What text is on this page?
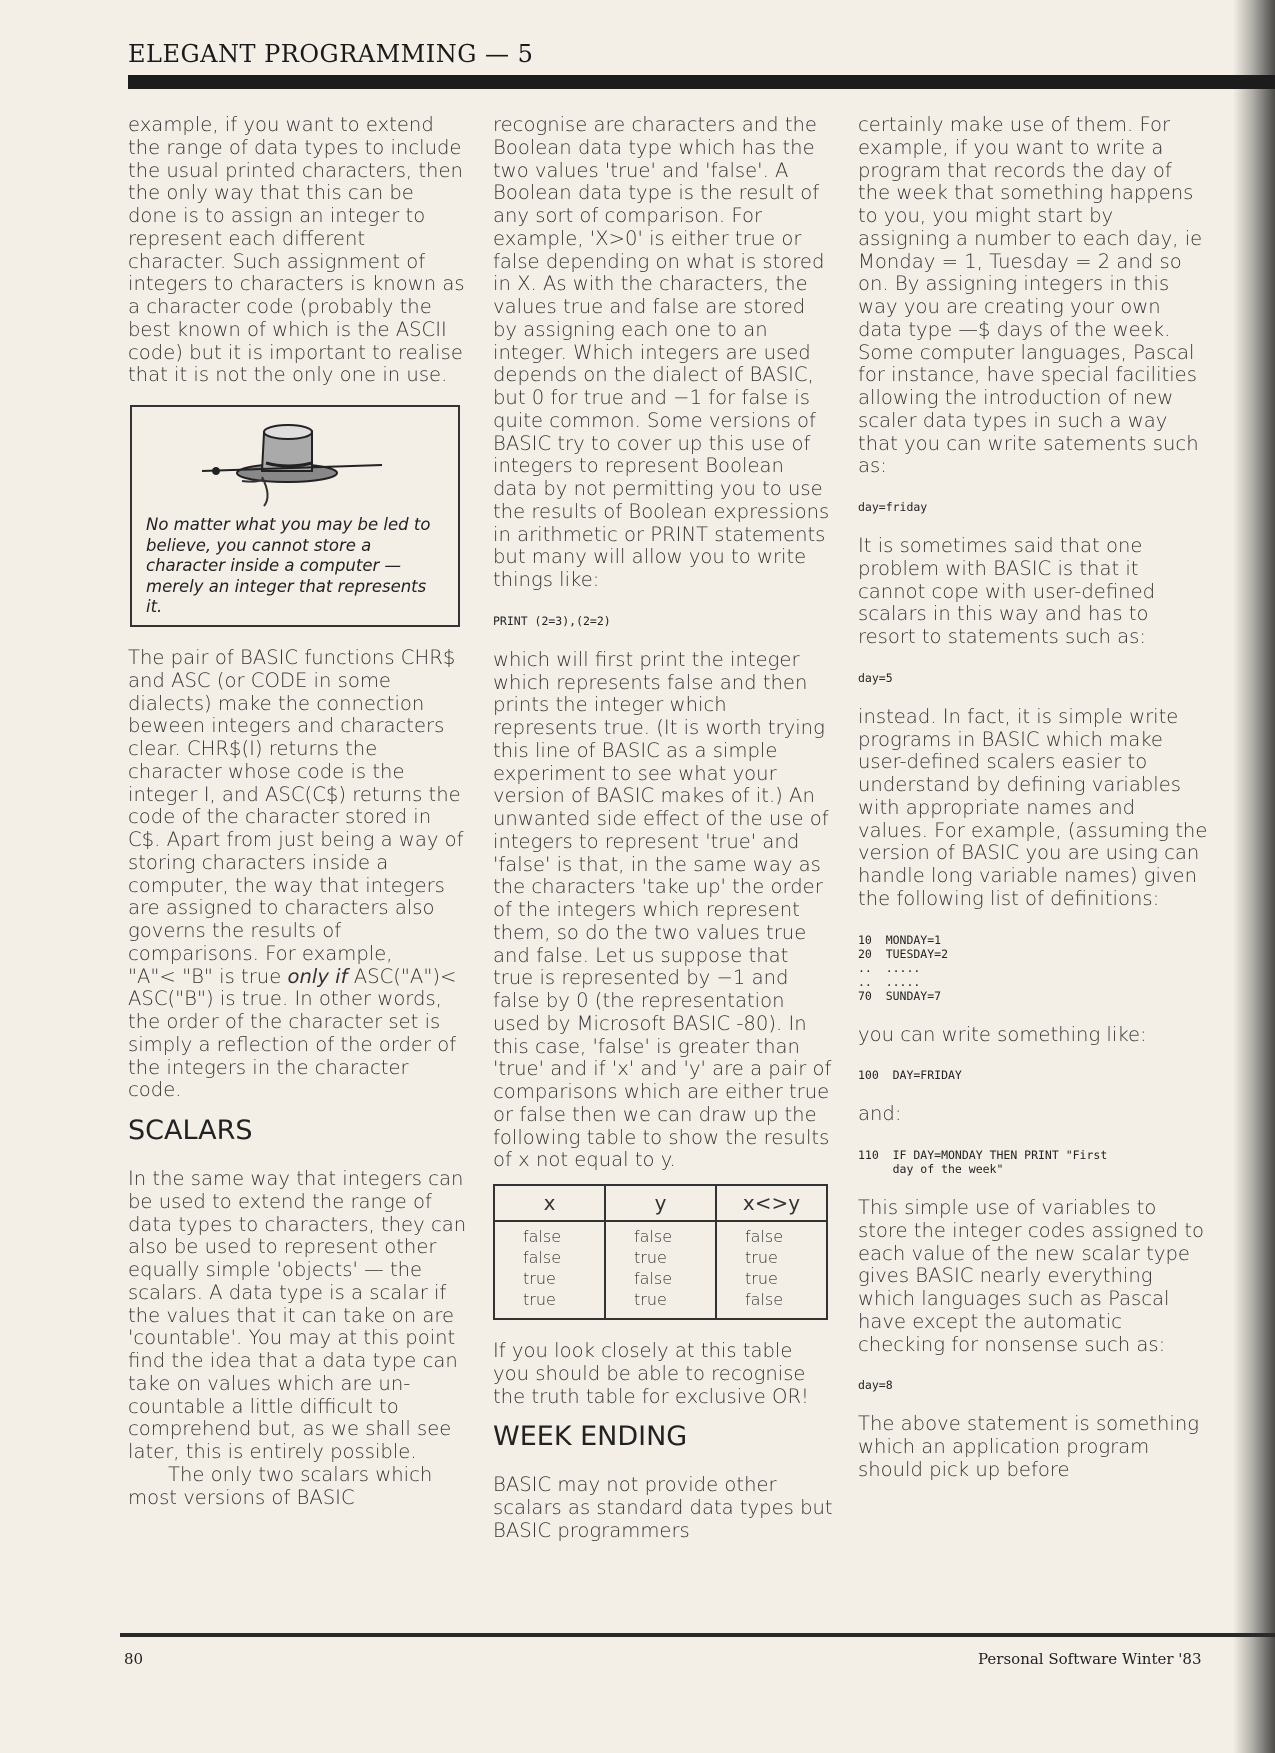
ELEGANT PROGRAMMING — 5

example, if you want to extend the range of data types to include the usual printed characters, then the only way that this can be done is to assign an integer to represent each different character. Such assignment of integers to characters is known as a character code (probably the best known of which is the ASCII code) but it is important to realise that it is not the only one in use.

No matter what you may be led to believe, you cannot store a character inside a computer — merely an integer that represents it.

The pair of BASIC functions CHR$ and ASC (or CODE in some dialects) make the connection beween integers and characters clear. CHR$(I) returns the character whose code is the integer I, and ASC(C$) returns the code of the character stored in C$. Apart from just being a way of storing characters inside a computer, the way that integers are assigned to characters also governs the results of comparisons. For example,

"A"< "B" is true only if ASC("A")< ASC("B") is true. In other words, the order of the character set is simply a reflection of the order of the integers in the character code.

SCALARS

In the same way that integers can be used to extend the range of data types to characters, they can also be used to represent other equally simple 'objects' — the scalars. A data type is a scalar if the values that it can take on are 'countable'. You may at this point find the idea that a data type can take on values which are un-countable a little difficult to comprehend but, as we shall see later, this is entirely possible.

The only two scalars which most versions of BASIC

recognise are characters and the Boolean data type which has the two values 'true' and 'false'. A Boolean data type is the result of any sort of comparison. For example, 'X>0' is either true or false depending on what is stored in X. As with the characters, the values true and false are stored by assigning each one to an integer. Which integers are used depends on the dialect of BASIC, but 0 for true and −1 for false is quite common. Some versions of BASIC try to cover up this use of integers to represent Boolean data by not permitting you to use the results of Boolean expressions in arithmetic or PRINT statements but many will allow you to write things like:

PRINT (2=3),(2=2)

which will first print the integer which represents false and then prints the integer which represents true. (It is worth trying this line of BASIC as a simple experiment to see what your version of BASIC makes of it.) An unwanted side effect of the use of integers to represent 'true' and 'false' is that, in the same way as the characters 'take up' the order of the integers which represent them, so do the two values true and false. Let us suppose that true is represented by −1 and false by 0 (the representation used by Microsoft BASIC -80). In this case, 'false' is greater than 'true' and if 'x' and 'y' are a pair of comparisons which are either true or false then we can draw up the following table to show the results of x not equal to y.

x	y	x<>y
false	false	false
false	true	true
true	false	true
true	true	false

If you look closely at this table you should be able to recognise the truth table for exclusive OR!

WEEK ENDING

BASIC may not provide other scalars as standard data types but BASIC programmers

certainly make use of them. For example, if you want to write a program that records the day of the week that something happens to you, you might start by assigning a number to each day, ie Monday = 1, Tuesday = 2 and so on. By assigning integers in this way you are creating your own data type —$ days of the week. Some computer languages, Pascal for instance, have special facilities allowing the introduction of new scaler data types in such a way that you can write satements such as:

day=friday

It is sometimes said that one problem with BASIC is that it cannot cope with user-defined scalars in this way and has to resort to statements such as:

day=5

instead. In fact, it is simple write programs in BASIC which make user-defined scalers easier to understand by defining variables with appropriate names and values. For example, (assuming the version of BASIC you are using can handle long variable names) given the following list of definitions:

10  MONDAY=1
20  TUESDAY=2
..  .....
..  .....
70  SUNDAY=7

you can write something like:

100  DAY=FRIDAY

and:

110  IF DAY=MONDAY THEN PRINT "First
day of the week"

This simple use of variables to store the integer codes assigned to each value of the new scalar type gives BASIC nearly everything which languages such as Pascal have except the automatic checking for nonsense such as:

day=8

The above statement is something which an application program should pick up before

80	Personal Software Winter '83
